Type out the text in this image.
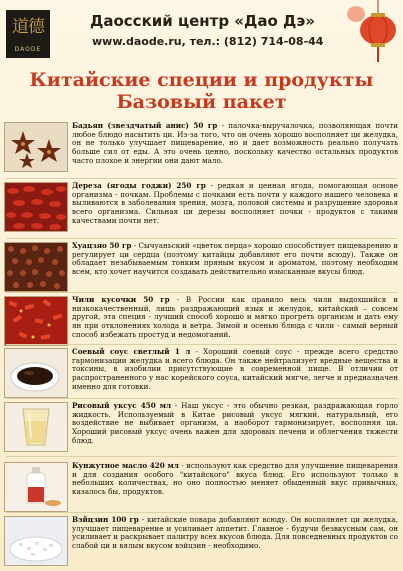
道德
DAODE
Даосский центр «Дао Дэ»
www.daode.ru, тел.: (812) 714-08-44
Китайские специи и продукты
Базовый пакет
Бадьян (звездчатый анис) 50 гр - палочка-выручалочка, позволяющая почти любое блюдо насытить ци. Из-за того, что он очень хорошо восполняет ци желудка, он не только улучшает пищеварение, но и дает возможность реально получать больше сил от еды. А это очень ценно, поскольку качество остальных продуктов часто плохое и энергии они дают мало.
Дереза (ягоды годжи) 250 гр - редкая и ценная ягода, помогающая основе организма - почкам. Проблемы с почками есть почти у каждого нашего человека и выливаются в заболевания зрения, мозга, половой системы и разрушение здоровья всего организма. Сильная ци дерезы восполняет почки - продуктов с такими качествами почти нет.
Хуацзяо 50 гр - Сычуаньский «цветок перца» хорошо способствует пищеварению и регулирует ци сердца (поэтому китайцы добавляют его почти всюду). Также он обладает незабываемым тонким пряным вкусом и ароматом, поэтому необходим всем, кто хочет научится создавать действительно изысканные вкусы блюд.
Чили кусочки 50 гр - В России как правило весь чили выдохшийся и низкокачественный, лишь раздражающий язык и желудок, китайский – совсем другой, эта специя - лучший способ хорошо и мягко прогреть организм и дать ему ян при отклонениях холода и ветра. Зимой и осенью блюда с чили - самый верный способ избежать простуд и недомоганий.
Соевый соус светлый 1 л - Хороший соевый соус - прежде всего средство гармонизации желудка и всего блюда. Он также нейтрализует вредные вещества и токсины, в изобилии присутствующие в современной пище. В отличии от распространенного у нас корейского соуса, китайский мягче, легче и предназначен именно для готовки.
Рисовый уксус 450 мл - Наш уксус - это обычно резкая, раздражающая горло жидкость. Используемый в Китае рисовый уксус мягкий, натуральный, его воздействие не выбивает организм, а наоборот гармонизирует, восполняя ци. Хороший рисовый уксус очень важен для здоровых печени и облегчения тяжести блюд.
Кунжутное масло 420 мл - используют как средство для улучшение пищеварения и для создания особого "китайского" вкуса блюд. Его используют только в небольших количествах, но оно полностью меняет обыденный вкус привычных, казалось бы, продуктов.
Вэйцзин 100 гр - китайские повара добавляют всюду. Он восполняет ци желудка, улучшает пищеварение и усиливает аппетит. Главное - будучи безвкусным сам, он усиливает и раскрывает палитру всех вкусов блюда. Для повседневных продуктов со слабой ци и вялым вкусом вэйцзин - необходимо.
